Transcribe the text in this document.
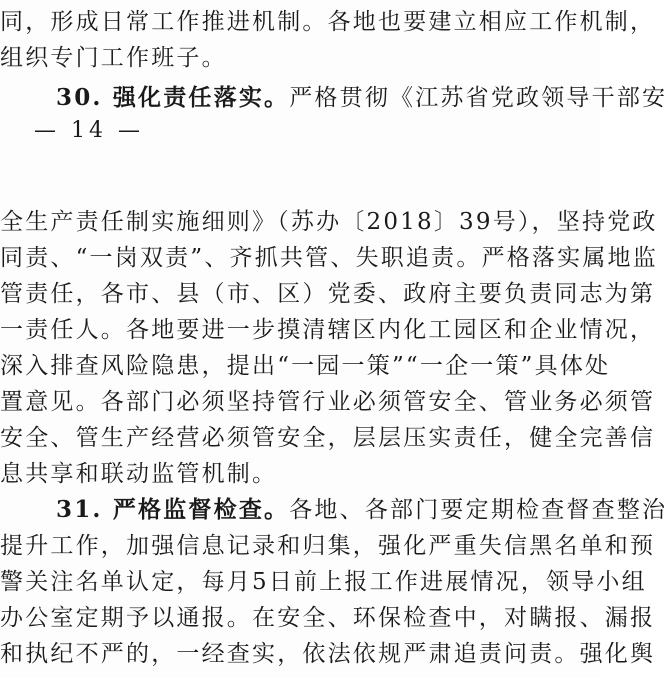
同，形成日常工作推进机制。各地也要建立相应工作机制，
组织专门工作班子。
30. 强化责任落实。严格贯彻《江苏省党政领导干部安
— 14 —
全生产责任制实施细则》（苏办〔2018〕39号），坚持党政
同责、“一岗双责”、齐抓共管、失职追责。严格落实属地监
管责任，各市、县（市、区）党委、政府主要负责同志为第
一责任人。各地要进一步摸清辖区内化工园区和企业情况，
深入排查风险隐患，提出“一园一策”“一企一策”具体处
置意见。各部门必须坚持管行业必须管安全、管业务必须管
安全、管生产经营必须管安全，层层压实责任，健全完善信
息共享和联动监管机制。
31. 严格监督检查。各地、各部门要定期检查督查整治
提升工作，加强信息记录和归集，强化严重失信黑名单和预
警关注名单认定，每月5日前上报工作进展情况，领导小组
办公室定期予以通报。在安全、环保检查中，对瞒报、漏报
和执纪不严的，一经查实，依法依规严肃追责问责。强化舆
